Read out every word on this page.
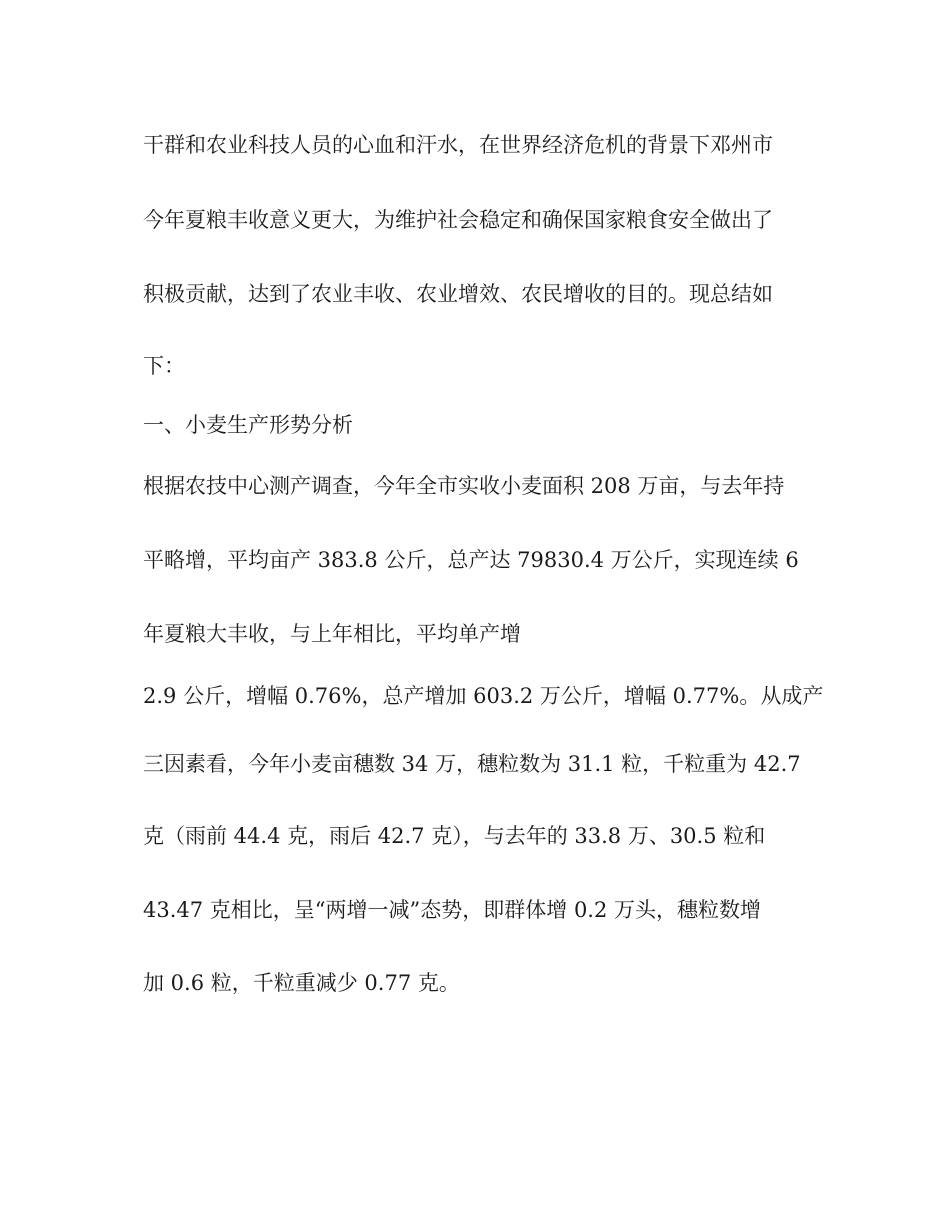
干群和农业科技人员的心血和汗水，在世界经济危机的背景下邓州市
今年夏粮丰收意义更大，为维护社会稳定和确保国家粮食安全做出了
积极贡献，达到了农业丰收、农业增效、农民增收的目的。现总结如
下：
一、小麦生产形势分析
根据农技中心测产调查，今年全市实收小麦面积 208 万亩，与去年持
平略增，平均亩产 383.8 公斤，总产达 79830.4 万公斤，实现连续 6
年夏粮大丰收，与上年相比，平均单产增
2.9 公斤，增幅 0.76%，总产增加 603.2 万公斤，增幅 0.77%。从成产
三因素看，今年小麦亩穗数 34 万，穗粒数为 31.1 粒，千粒重为 42.7
克（雨前 44.4 克，雨后 42.7 克），与去年的 33.8 万、30.5 粒和
43.47 克相比，呈“两增一减”态势，即群体增 0.2 万头，穗粒数增
加 0.6 粒，千粒重减少 0.77 克。
